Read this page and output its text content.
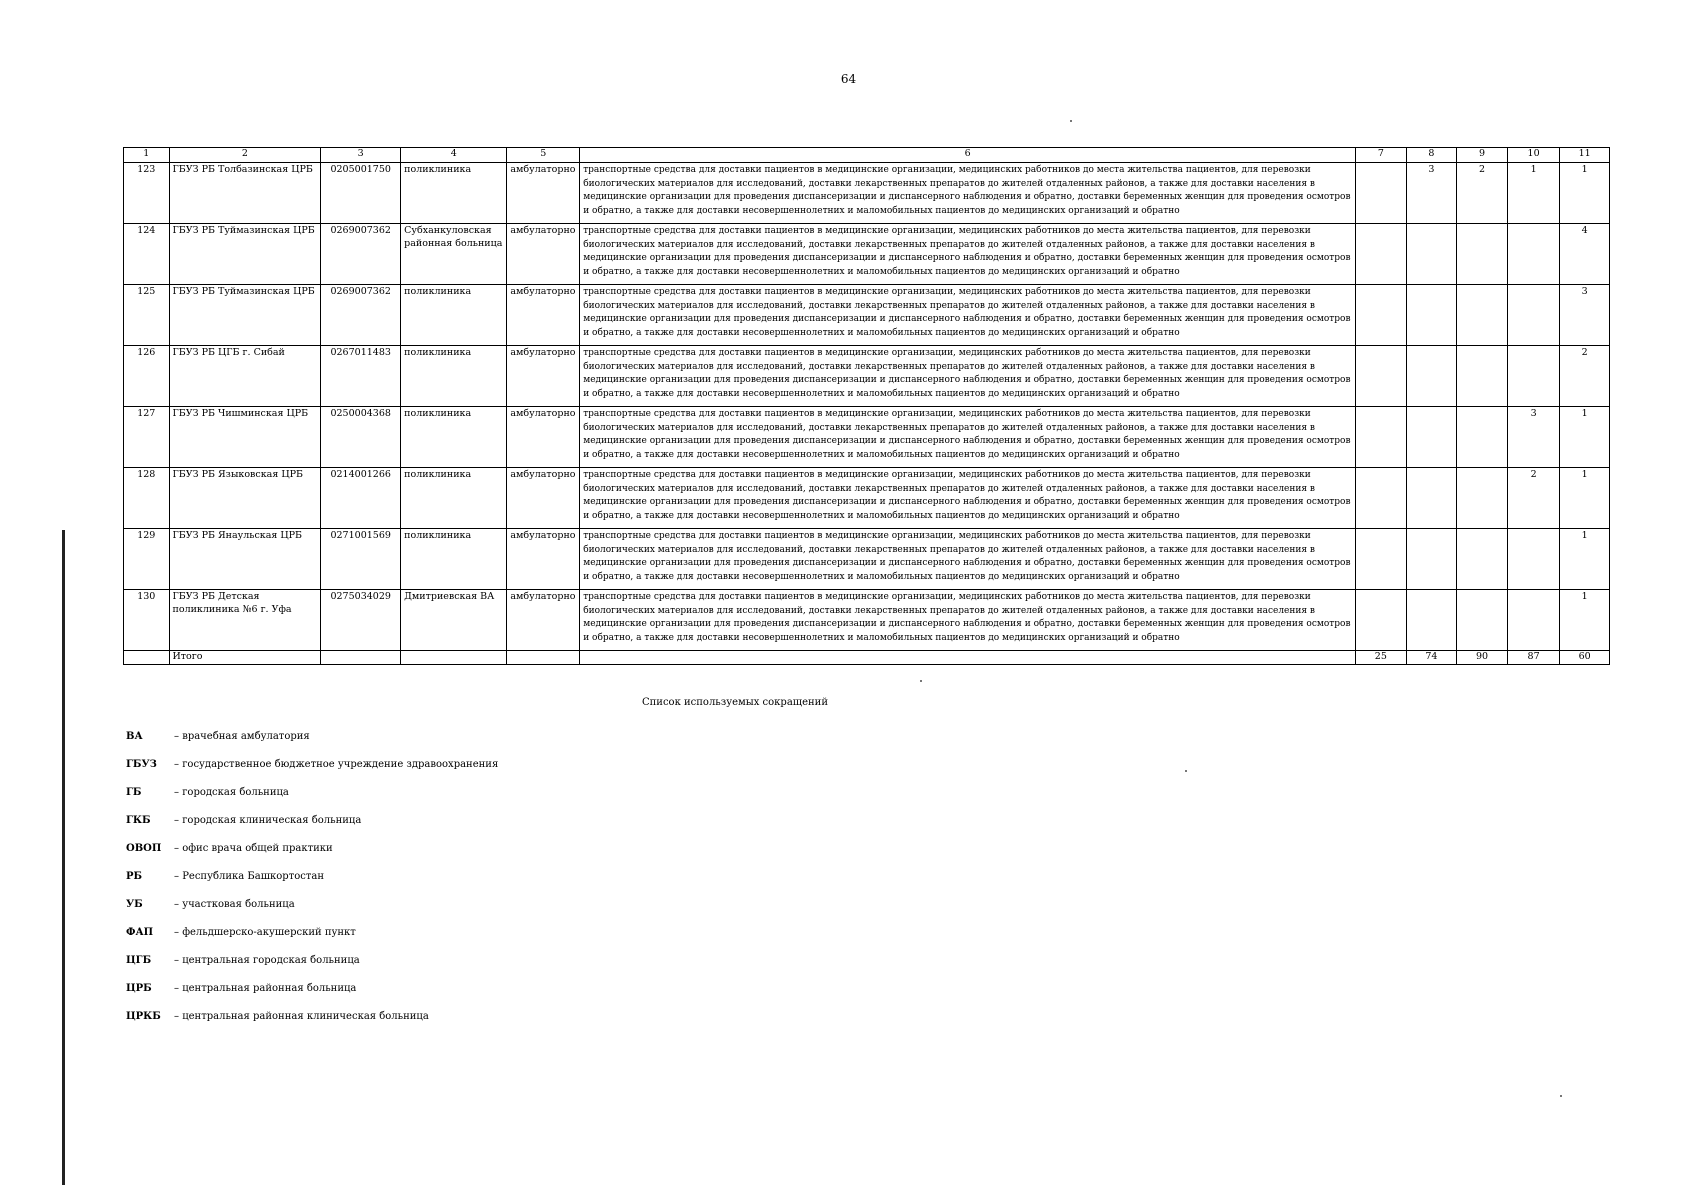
64
1	2	3	4	5	6	7	8	9	10	11
123	ГБУЗ РБ Толбазинская ЦРБ	0205001750	поликлиника	амбулаторно	транспортные средства для доставки пациентов в медицинские организации, медицинских работников до места жительства пациентов, для перевозки биологических материалов для исследований, доставки лекарственных препаратов до жителей отдаленных районов, а также для доставки населения в медицинские организации для проведения диспансеризации и диспансерного наблюдения и обратно, доставки беременных женщин для проведения осмотров и обратно, а также для доставки несовершеннолетних и маломобильных пациентов до медицинских организаций и обратно		3	2	1	1
124	ГБУЗ РБ Туймазинская ЦРБ	0269007362	Субханкуловская районная больница	амбулаторно	транспортные средства для доставки пациентов в медицинские организации, медицинских работников до места жительства пациентов, для перевозки биологических материалов для исследований, доставки лекарственных препаратов до жителей отдаленных районов, а также для доставки населения в медицинские организации для проведения диспансеризации и диспансерного наблюдения и обратно, доставки беременных женщин для проведения осмотров и обратно, а также для доставки несовершеннолетних и маломобильных пациентов до медицинских организаций и обратно					4
125	ГБУЗ РБ Туймазинская ЦРБ	0269007362	поликлиника	амбулаторно	транспортные средства для доставки пациентов в медицинские организации, медицинских работников до места жительства пациентов, для перевозки биологических материалов для исследований, доставки лекарственных препаратов до жителей отдаленных районов, а также для доставки населения в медицинские организации для проведения диспансеризации и диспансерного наблюдения и обратно, доставки беременных женщин для проведения осмотров и обратно, а также для доставки несовершеннолетних и маломобильных пациентов до медицинских организаций и обратно					3
126	ГБУЗ РБ ЦГБ г. Сибай	0267011483	поликлиника	амбулаторно	транспортные средства для доставки пациентов в медицинские организации, медицинских работников до места жительства пациентов, для перевозки биологических материалов для исследований, доставки лекарственных препаратов до жителей отдаленных районов, а также для доставки населения в медицинские организации для проведения диспансеризации и диспансерного наблюдения и обратно, доставки беременных женщин для проведения осмотров и обратно, а также для доставки несовершеннолетних и маломобильных пациентов до медицинских организаций и обратно					2
127	ГБУЗ РБ Чишминская ЦРБ	0250004368	поликлиника	амбулаторно	транспортные средства для доставки пациентов в медицинские организации, медицинских работников до места жительства пациентов, для перевозки биологических материалов для исследований, доставки лекарственных препаратов до жителей отдаленных районов, а также для доставки населения в медицинские организации для проведения диспансеризации и диспансерного наблюдения и обратно, доставки беременных женщин для проведения осмотров и обратно, а также для доставки несовершеннолетних и маломобильных пациентов до медицинских организаций и обратно				3	1
128	ГБУЗ РБ Языковская ЦРБ	0214001266	поликлиника	амбулаторно	транспортные средства для доставки пациентов в медицинские организации, медицинских работников до места жительства пациентов, для перевозки биологических материалов для исследований, доставки лекарственных препаратов до жителей отдаленных районов, а также для доставки населения в медицинские организации для проведения диспансеризации и диспансерного наблюдения и обратно, доставки беременных женщин для проведения осмотров и обратно, а также для доставки несовершеннолетних и маломобильных пациентов до медицинских организаций и обратно				2	1
129	ГБУЗ РБ Янаульская ЦРБ	0271001569	поликлиника	амбулаторно	транспортные средства для доставки пациентов в медицинские организации, медицинских работников до места жительства пациентов, для перевозки биологических материалов для исследований, доставки лекарственных препаратов до жителей отдаленных районов, а также для доставки населения в медицинские организации для проведения диспансеризации и диспансерного наблюдения и обратно, доставки беременных женщин для проведения осмотров и обратно, а также для доставки несовершеннолетних и маломобильных пациентов до медицинских организаций и обратно					1
130	ГБУЗ РБ Детская поликлиника №6 г. Уфа	0275034029	Дмитриевская ВА	амбулаторно	транспортные средства для доставки пациентов в медицинские организации, медицинских работников до места жительства пациентов, для перевозки биологических материалов для исследований, доставки лекарственных препаратов до жителей отдаленных районов, а также для доставки населения в медицинские организации для проведения диспансеризации и диспансерного наблюдения и обратно, доставки беременных женщин для проведения осмотров и обратно, а также для доставки несовершеннолетних и маломобильных пациентов до медицинских организаций и обратно					1
	Итого					25	74	90	87	60
Список используемых сокращений
ВА	– врачебная амбулатория
ГБУЗ	– государственное бюджетное учреждение здравоохранения
ГБ	– городская больница
ГКБ	– городская клиническая больница
ОВОП	– офис врача общей практики
РБ	– Республика Башкортостан
УБ	– участковая больница
ФАП	– фельдшерско-акушерский пункт
ЦГБ	– центральная городская больница
ЦРБ	– центральная районная больница
ЦРКБ	– центральная районная клиническая больница
